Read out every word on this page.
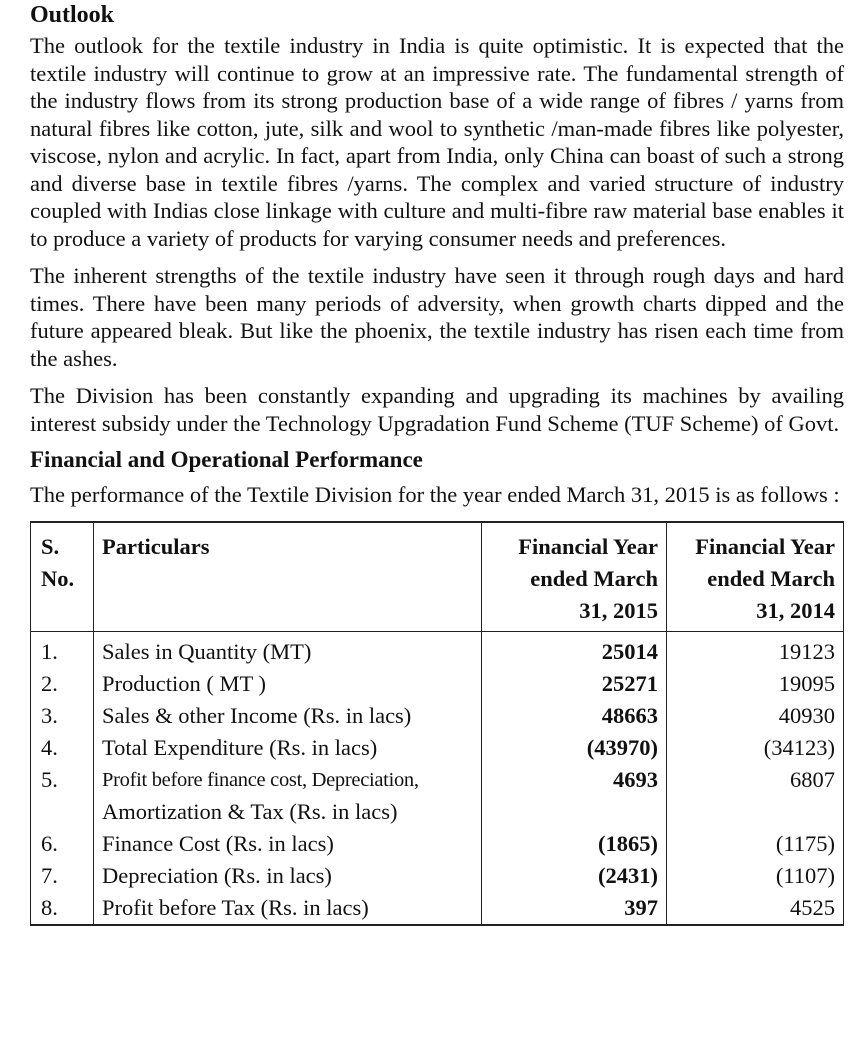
Outlook

The outlook for the textile industry in India is quite optimistic. It is expected that the textile industry will continue to grow at an impressive rate. The fundamental strength of the industry flows from its strong production base of a wide range of fibres / yarns from natural fibres like cotton, jute, silk and wool to synthetic /man-made fibres like polyester, viscose, nylon and acrylic. In fact, apart from India, only China can boast of such a strong and diverse base in textile fibres /yarns. The complex and varied structure of industry coupled with Indias close linkage with culture and multi-fibre raw material base enables it to produce a variety of products for varying consumer needs and preferences.

The inherent strengths of the textile industry have seen it through rough days and hard times. There have been many periods of adversity, when growth charts dipped and the future appeared bleak. But like the phoenix, the textile industry has risen each time from the ashes.

The Division has been constantly expanding and upgrading its machines by availing interest subsidy under the Technology Upgradation Fund Scheme (TUF Scheme) of Govt.

Financial and Operational Performance

The performance of the Textile Division for the year ended March 31, 2015 is as follows :

S.
No.	Particulars	Financial Year
ended March
31, 2015	Financial Year
ended March
31, 2014

1.	Sales in Quantity (MT)	25014	19123
2.	Production ( MT )	25271	19095
3.	Sales & other Income (Rs. in lacs)	48663	40930
4.	Total Expenditure (Rs. in lacs)	(43970)	(34123)
5.	Profit before finance cost, Depreciation,
Amortization & Tax (Rs. in lacs)	4693	6807
6.	Finance Cost (Rs. in lacs)	(1865)	(1175)
7.	Depreciation (Rs. in lacs)	(2431)	(1107)
8.	Profit before Tax (Rs. in lacs)	397	4525
